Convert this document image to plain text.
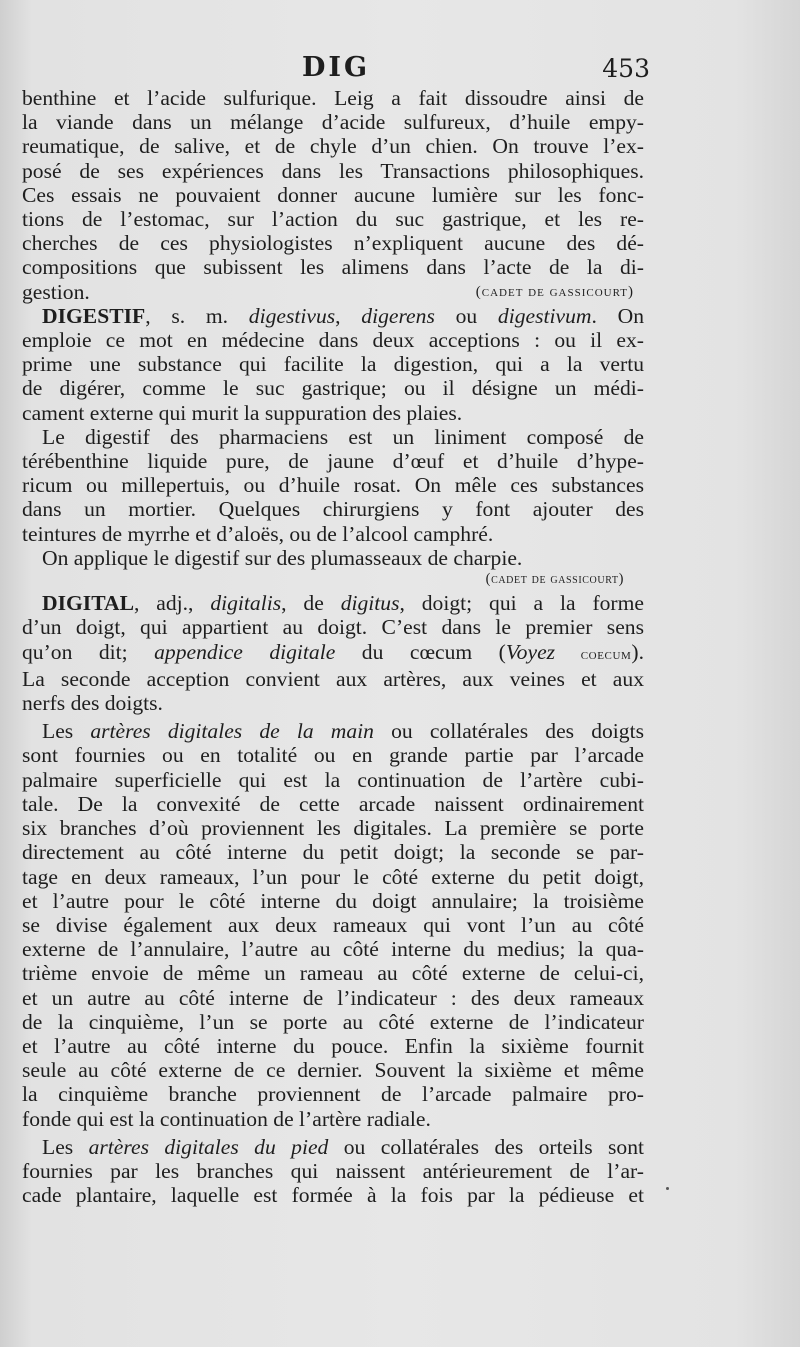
DIG	453

benthine et l’acide sulfurique. Leig a fait dissoudre ainsi de

la viande dans un mélange d’acide sulfureux, d’huile empy-

reumatique, de salive, et de chyle d’un chien. On trouve l’ex-

posé de ses expériences dans les Transactions philosophiques.

Ces essais ne pouvaient donner aucune lumière sur les fonc-

tions de l’estomac, sur l’action du suc gastrique, et les re-

cherches de ces physiologistes n’expliquent aucune des dé-

compositions que subissent les alimens dans l’acte de la di-

gestion.	(cadet de gassicourt)

DIGESTIF, s. m. digestivus, digerens ou digestivum. On

emploie ce mot en médecine dans deux acceptions : ou il ex-

prime une substance qui facilite la digestion, qui a la vertu

de digérer, comme le suc gastrique; ou il désigne un médi-

cament externe qui murit la suppuration des plaies.

Le digestif des pharmaciens est un liniment composé de

térébenthine liquide pure, de jaune d’œuf et d’huile d’hype-

ricum ou millepertuis, ou d’huile rosat. On mêle ces substances

dans un mortier. Quelques chirurgiens y font ajouter des

teintures de myrrhe et d’aloës, ou de l’alcool camphré.

On applique le digestif sur des plumasseaux de charpie.

(cadet de gassicourt)

DIGITAL, adj., digitalis, de digitus, doigt; qui a la forme

d’un doigt, qui appartient au doigt. C’est dans le premier sens

qu’on dit; appendice digitale du cœcum (Voyez coecum).

La seconde acception convient aux artères, aux veines et aux

nerfs des doigts.

Les artères digitales de la main ou collatérales des doigts

sont fournies ou en totalité ou en grande partie par l’arcade

palmaire superficielle qui est la continuation de l’artère cubi-

tale. De la convexité de cette arcade naissent ordinairement

six branches d’où proviennent les digitales. La première se porte

directement au côté interne du petit doigt; la seconde se par-

tage en deux rameaux, l’un pour le côté externe du petit doigt,

et l’autre pour le côté interne du doigt annulaire; la troisième

se divise également aux deux rameaux qui vont l’un au côté

externe de l’annulaire, l’autre au côté interne du medius; la qua-

trième envoie de même un rameau au côté externe de celui-ci,

et un autre au côté interne de l’indicateur : des deux rameaux

de la cinquième, l’un se porte au côté externe de l’indicateur

et l’autre au côté interne du pouce. Enfin la sixième fournit

seule au côté externe de ce dernier. Souvent la sixième et même

la cinquième branche proviennent de l’arcade palmaire pro-

fonde qui est la continuation de l’artère radiale.

Les artères digitales du pied ou collatérales des orteils sont

fournies par les branches qui naissent antérieurement de l’ar-

cade plantaire, laquelle est formée à la fois par la pédieuse et
